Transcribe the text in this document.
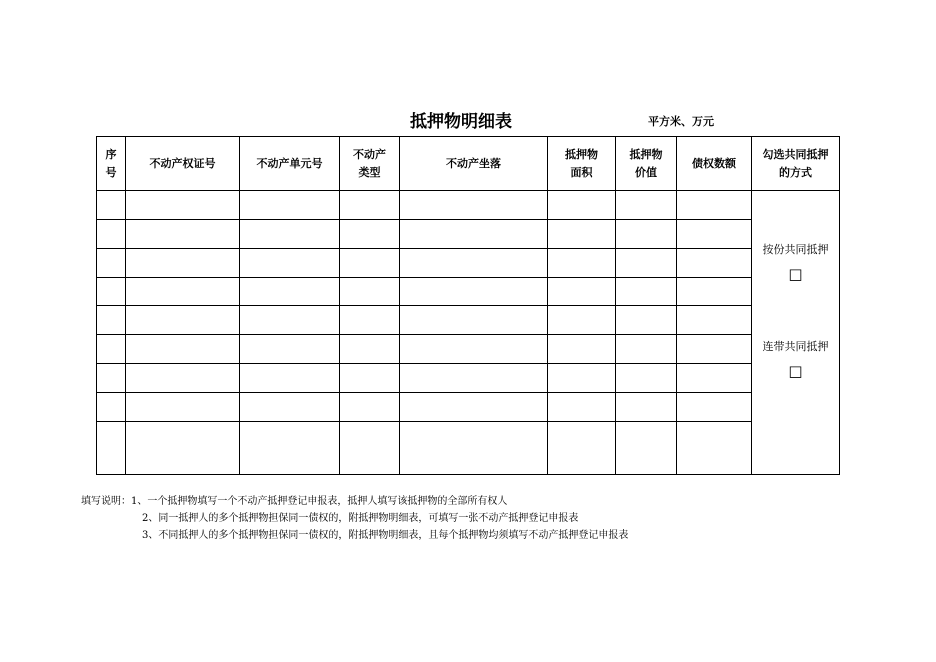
抵押物明细表	平方米、万元
序号	不动产权证号	不动产单元号	不动产类型	不动产坐落	抵押物面积	抵押物价值	债权数额	勾选共同抵押的方式

								按份共同抵押
□
连带共同抵押
□

填写说明：1、一个抵押物填写一个不动产抵押登记申报表，抵押人填写该抵押物的全部所有权人
2、同一抵押人的多个抵押物担保同一债权的，附抵押物明细表，可填写一张不动产抵押登记申报表
3、不同抵押人的多个抵押物担保同一债权的，附抵押物明细表，且每个抵押物均须填写不动产抵押登记申报表
